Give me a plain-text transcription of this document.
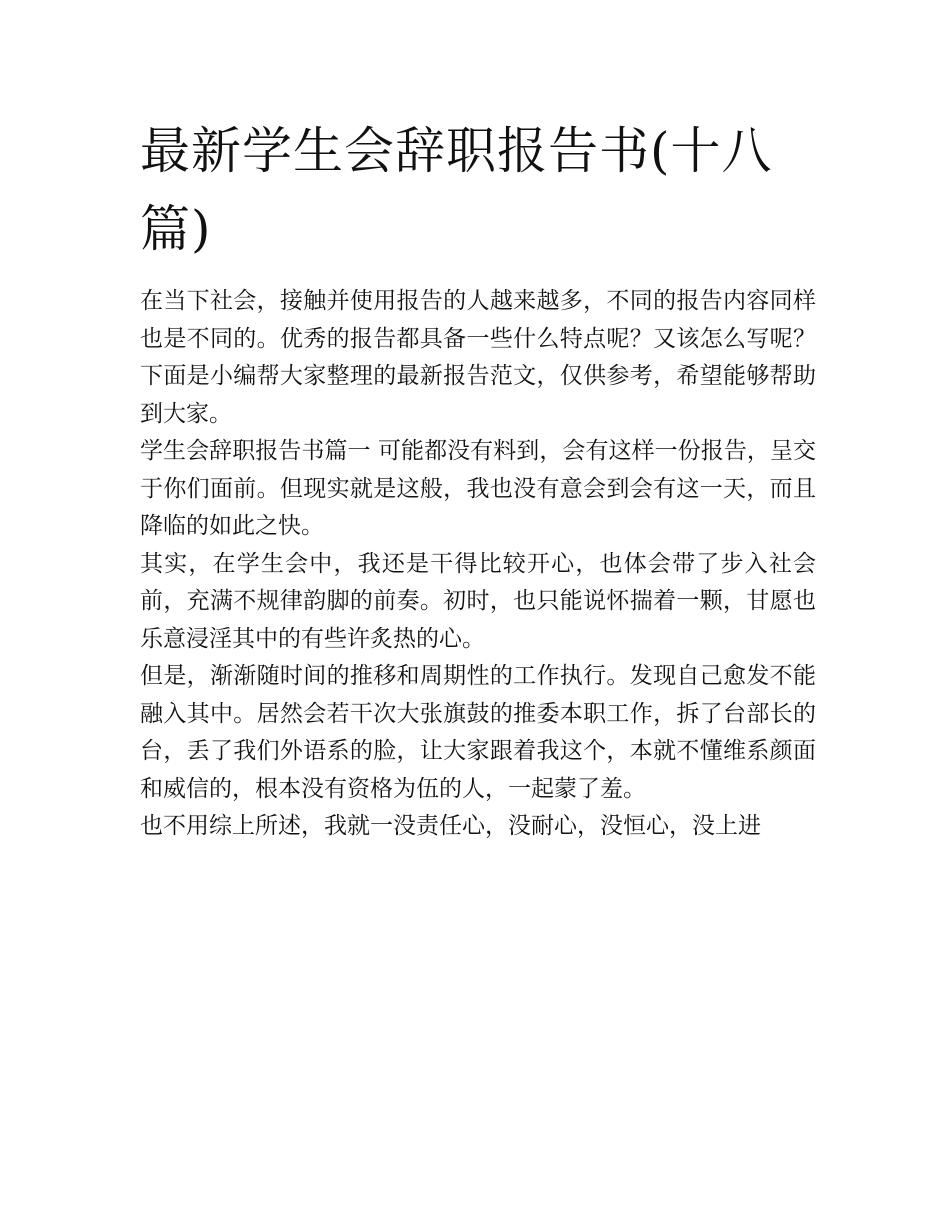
最新学生会辞职报告书(十八篇)

在当下社会，接触并使用报告的人越来越多，不同的报告内容同样也是不同的。优秀的报告都具备一些什么特点呢？又该怎么写呢？下面是小编帮大家整理的最新报告范文，仅供参考，希望能够帮助到大家。

学生会辞职报告书篇一 可能都没有料到，会有这样一份报告，呈交于你们面前。但现实就是这般，我也没有意会到会有这一天，而且降临的如此之快。

其实，在学生会中，我还是干得比较开心，也体会带了步入社会前，充满不规律韵脚的前奏。初时，也只能说怀揣着一颗，甘愿也乐意浸淫其中的有些许炙热的心。

但是，渐渐随时间的推移和周期性的工作执行。发现自己愈发不能融入其中。居然会若干次大张旗鼓的推委本职工作，拆了台部长的台，丢了我们外语系的脸，让大家跟着我这个，本就不懂维系颜面和威信的，根本没有资格为伍的人，一起蒙了羞。

也不用综上所述，我就一没责任心，没耐心，没恒心，没上进
